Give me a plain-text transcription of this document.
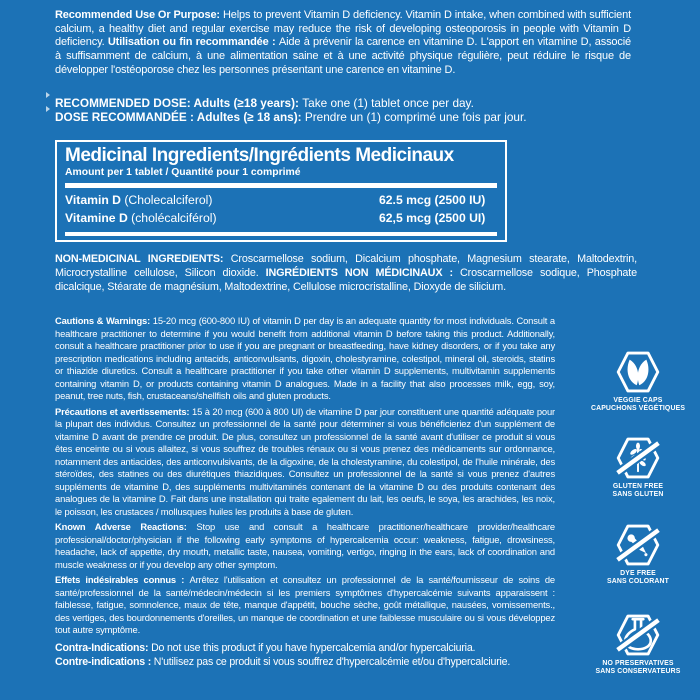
Recommended Use Or Purpose: Helps to prevent Vitamin D deficiency. Vitamin D intake, when combined with sufficient calcium, a healthy diet and regular exercise may reduce the risk of developing osteoporosis in people with Vitamin D deficiency. Utilisation ou fin recommandée : Aide à prévenir la carence en vitamine D. L'apport en vitamine D, associé à suffisamment de calcium, à une alimentation saine et à une activité physique régulière, peut réduire le risque de développer l'ostéoporose chez les personnes présentant une carence en vitamine D.

RECOMMENDED DOSE: Adults (≥18 years): Take one (1) tablet once per day.
DOSE RECOMMANDÉE : Adultes (≥ 18 ans): Prendre un (1) comprimé une fois par jour.
Medicinal Ingredients/Ingrédients Medicinaux
Amount per 1 tablet / Quantité pour 1 comprimé
Vitamin D (Cholecalciferol)	62.5 mcg (2500 IU)
Vitamine D (cholécalciférol)	62,5 mcg (2500 UI)

NON-MEDICINAL INGREDIENTS: Croscarmellose sodium, Dicalcium phosphate, Magnesium stearate, Maltodextrin, Microcrystalline cellulose, Silicon dioxide. INGRÉDIENTS NON MÉDICINAUX : Croscarmellose sodique, Phosphate dicalcique, Stéarate de magnésium, Maltodextrine, Cellulose microcristalline, Dioxyde de silicium.

Cautions & Warnings: 15-20 mcg (600-800 IU) of vitamin D per day is an adequate quantity for most individuals. Consult a healthcare practitioner to determine if you would benefit from additional vitamin D before taking this product. Additionally, consult a healthcare practitioner prior to use if you are pregnant or breastfeeding, have kidney disorders, or if you take any prescription medications including antacids, anticonvulsants, digoxin, cholestyramine, colestipol, mineral oil, steroids, statins or thiazide diuretics. Consult a healthcare practitioner if you take other vitamin D supplements, multivitamin supplements containing vitamin D, or products containing vitamin D analogues. Made in a facility that also processes milk, egg, soy, peanut, tree nuts, fish, crustaceans/shellfish oils and gluten products.

Précautions et avertissements: 15 à 20 mcg (600 à 800 UI) de vitamine D par jour constituent une quantité adéquate pour la plupart des individus. Consultez un professionnel de la santé pour déterminer si vous bénéficieriez d'un supplément de vitamine D avant de prendre ce produit. De plus, consultez un professionnel de la santé avant d'utiliser ce produit si vous êtes enceinte ou si vous allaitez, si vous souffrez de troubles rénaux ou si vous prenez des médicaments sur ordonnance, notamment des antiacides, des anticonvulsivants, de la digoxine, de la cholestyramine, du colestipol, de l'huile minérale, des stéroïdes, des statines ou des diurétiques thiazidiques. Consultez un professionnel de la santé si vous prenez d'autres suppléments de vitamine D, des suppléments multivitaminés contenant de la vitamine D ou des produits contenant des analogues de la vitamine D. Fait dans une installation qui traite egalement du lait, les oeufs, le soya, les arachides, les noix, le poisson, les crustaces / mollusques huiles les produits à base de gluten.

Known Adverse Reactions: Stop use and consult a healthcare practitioner/healthcare provider/healthcare professional/doctor/physician if the following early symptoms of hypercalcemia occur: weakness, fatigue, drowsiness, headache, lack of appetite, dry mouth, metallic taste, nausea, vomiting, vertigo, ringing in the ears, lack of coordination and muscle weakness or if you develop any other symptom.

Effets indésirables connus : Arrêtez l'utilisation et consultez un professionnel de la santé/fournisseur de soins de santé/professionnel de la santé/médecin/médecin si les premiers symptômes d'hypercalcémie suivants apparaissent : faiblesse, fatigue, somnolence, maux de tête, manque d'appétit, bouche sèche, goût métallique, nausées, vomissements., des vertiges, des bourdonnements d'oreilles, un manque de coordination et une faiblesse musculaire ou si vous développez tout autre symptôme.

Contra-Indications: Do not use this product if you have hypercalcemia and/or hypercalciuria.

Contre-indications : N'utilisez pas ce produit si vous souffrez d'hypercalcémie et/ou d'hypercalciurie.

VEGGIE CAPS
CAPUCHONS VÉGÉTIQUES
GLUTEN FREE
SANS GLUTEN
DYE FREE
SANS COLORANT
NO PRESERVATIVES
SANS CONSERVATEURS
